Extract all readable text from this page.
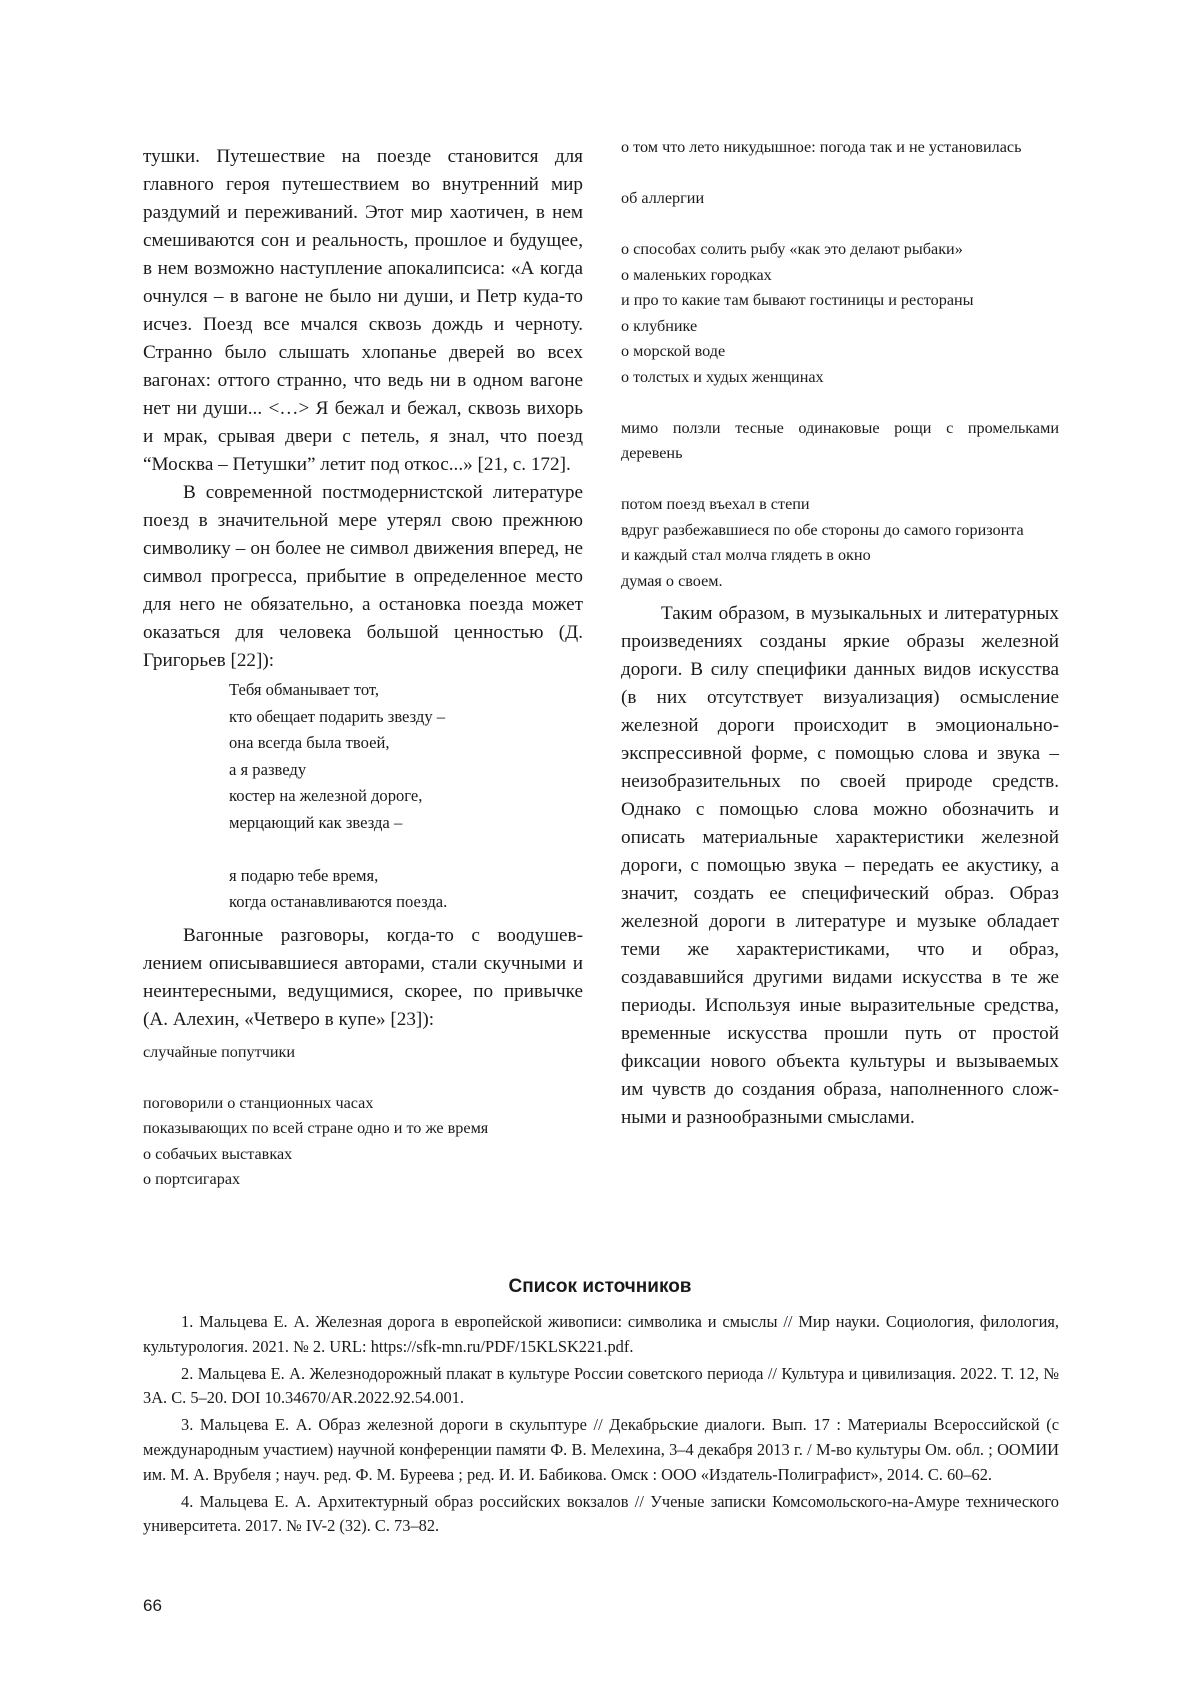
тушки. Путешествие на поезде становится для главного героя путешествием во внутренний мир раздумий и переживаний. Этот мир хаотичен, в нем смешиваются сон и реальность, прошлое и будущее, в нем возможно наступление апокалипсиса: «А когда очнулся – в вагоне не было ни души, и Петр куда-то исчез. Поезд все мчался сквозь дождь и черноту. Странно было слышать хлопанье дверей во всех вагонах: оттого странно, что ведь ни в одном вагоне нет ни души... <…> Я бежал и бежал, сквозь вихорь и мрак, срывая двери с петель, я знал, что поезд “Москва – Петушки” летит под откос...» [21, с. 172].

В современной постмодернистской литературе поезд в значительной мере утерял свою прежнюю символику – он более не символ движения вперед, не символ прогресса, прибытие в определенное место для него не обязательно, а остановка поезда может оказаться для человека большой ценностью (Д. Григорьев [22]):

Тебя обманывает тот,
кто обещает подарить звезду –
она всегда была твоей,
а я разведу
костер на железной дороге,
мерцающий как звезда –
я подарю тебе время,
когда останавливаются поезда.

Вагонные разговоры, когда-то с воодушевлением описывавшиеся авторами, стали скучными и неинтересными, ведущимися, скорее, по привычке (А. Алехин, «Четверо в купе» [23]):

случайные попутчики
поговорили о станционных часах
показывающих по всей стране одно и то же время
о собачьих выставках
о портсигарах
о том что лето никудышное: погода так и не установилась
об аллергии
о способах солить рыбу «как это делают рыбаки»
о маленьких городках
и про то какие там бывают гостиницы и рестораны
о клубнике
о морской воде
о толстых и худых женщинах
мимо ползли тесные одинаковые рощи с промельками деревень
потом поезд въехал в степи
вдруг разбежавшиеся по обе стороны до самого горизонта
и каждый стал молча глядеть в окно
думая о своем.

Таким образом, в музыкальных и литературных произведениях созданы яркие образы железной дороги. В силу специфики данных видов искусства (в них отсутствует визуализация) осмысление железной дороги происходит в эмоционально-экспрессивной форме, с помощью слова и звука – неизобразительных по своей природе средств. Однако с помощью слова можно обозначить и описать материальные характеристики железной дороги, с помощью звука – передать ее акустику, а значит, создать ее специфический образ. Образ железной дороги в литературе и музыке обладает теми же характеристиками, что и образ, создававшийся другими видами искусства в те же периоды. Используя иные выразительные средства, временные искусства прошли путь от простой фиксации нового объекта культуры и вызываемых им чувств до создания образа, наполненного сложными и разнообразными смыслами.

Список источников
1. Мальцева Е. А. Железная дорога в европейской живописи: символика и смыслы // Мир науки. Социология, филология, культурология. 2021. № 2. URL: https://sfk-mn.ru/PDF/15KLSK221.pdf.
2. Мальцева Е. А. Железнодорожный плакат в культуре России советского периода // Культура и цивилизация. 2022. Т. 12, № 3А. С. 5–20. DOI 10.34670/AR.2022.92.54.001.
3. Мальцева Е. А. Образ железной дороги в скульптуре // Декабрьские диалоги. Вып. 17 : Материалы Всероссийской (с международным участием) научной конференции памяти Ф. В. Мелехина, 3–4 декабря 2013 г. / М-во культуры Ом. обл. ; ООМИИ им. М. А. Врубеля ; науч. ред. Ф. М. Буреева ; ред. И. И. Бабикова. Омск : ООО «Издатель-Полиграфист», 2014. С. 60–62.
4. Мальцева Е. А. Архитектурный образ российских вокзалов // Ученые записки Комсомольского-на-Амуре технического университета. 2017. № IV-2 (32). С. 73–82.

66
